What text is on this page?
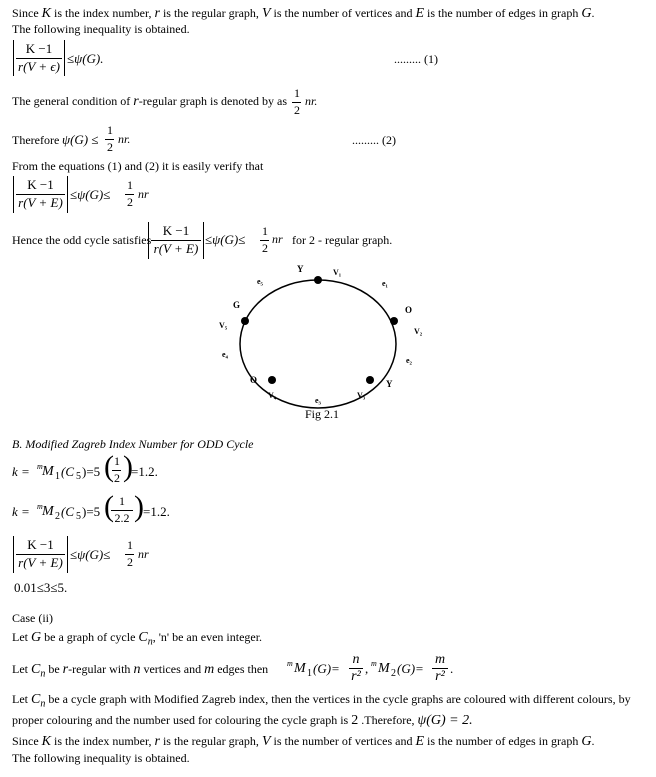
Since K is the index number, r is the regular graph, V is the number of vertices and E is the number of edges in graph G.
The following inequality is obtained.
K −1
r(V + ϵ)
≤ψ(G).	......... (1)
The general condition of r-regular graph is denoted by as
1
2
nr.
Therefore ψ(G) ≤
1
2
nr.	......... (2)
From the equations (1) and (2) it is easily verify that
K −1
r(V + E)
≤ψ(G)≤
1
2
nr
Hence the odd cycle satisfies
K −1
r(V + E)
≤ψ(G)≤
1
2
nr for 2 - regular graph.
Y	V₁
e₁
O
V₂
e₂
Y
V₃
e₃
V₄
O
e₄
V₅
G
e₅
Fig 2.1
B. Modified Zagreb Index Number for ODD Cycle
k = m M 1 (C 5 )=5 ( 1
2 )
=1.2.
k = m M 2 (C 5 )=5 ( 1
2.2 ) =1.2.
K −1
r(V + E)
≤ψ(G)≤
1
2
nr
0.01≤3≤5.
Case (ii)
Let G be a graph of cycle $C_n$, 'n' be an even integer.
Let $C_n$ be r-regular with n vertices and m edges then m M 1 (G)=
n
r²
, m M 2 (G)=
m
r²
.
Let $C_n$ be a cycle graph with Modified Zagreb index, then the vertices in the cycle graphs are coloured with different colours, by
proper colouring and the number used for colouring the cycle graph is 2 .Therefore, ψ(G) = 2.
Since K is the index number, r is the regular graph, V is the number of vertices and E is the number of edges in graph G.
The following inequality is obtained.
